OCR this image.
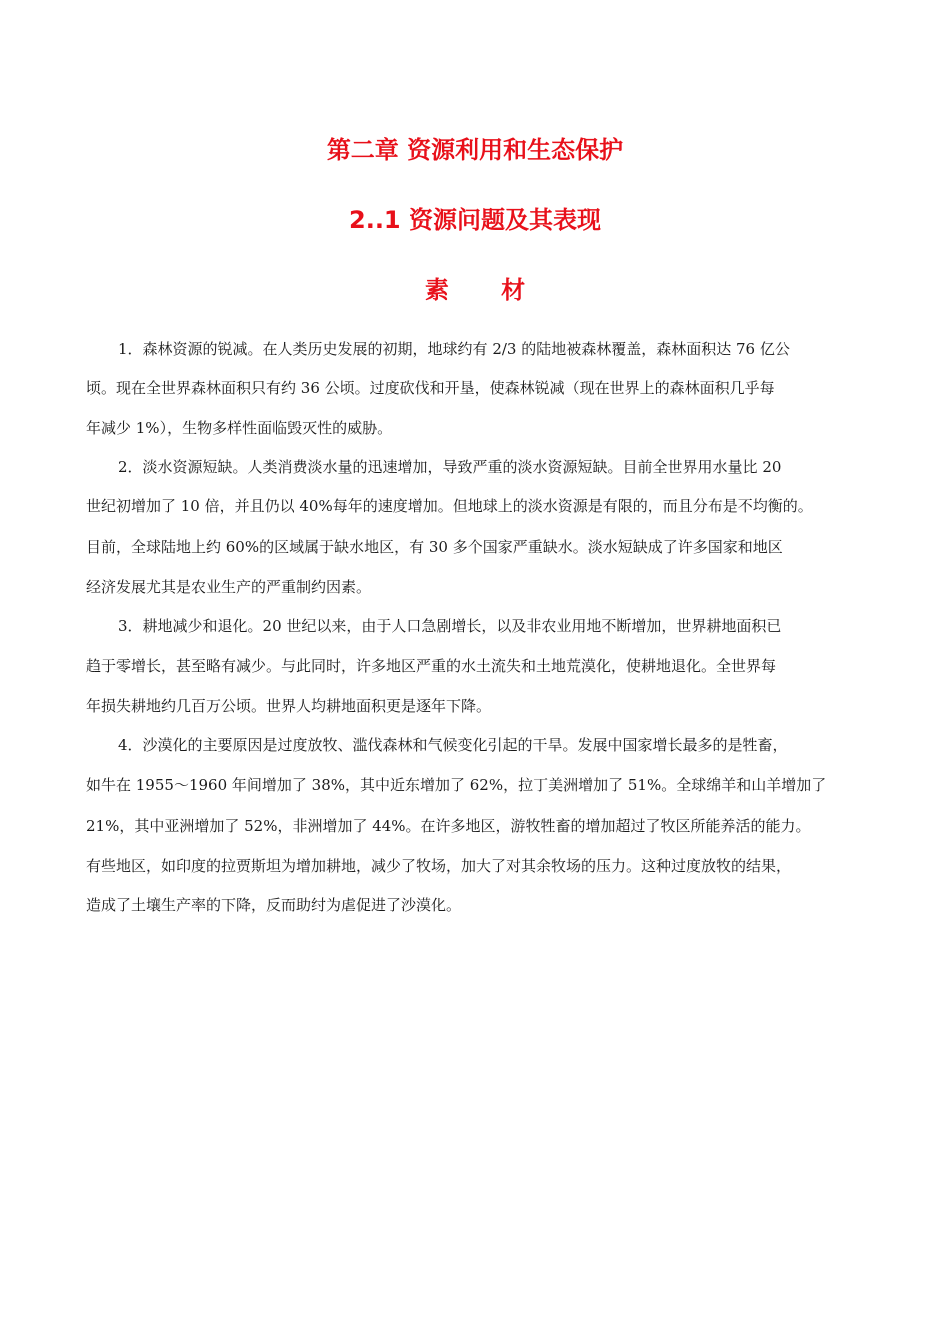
第二章 资源利用和生态保护
2..1 资源问题及其表现
素 材
1．森林资源的锐减。在人类历史发展的初期，地球约有 2/3 的陆地被森林覆盖，森林面积达 76 亿公
顷。现在全世界森林面积只有约 36 公顷。过度砍伐和开垦，使森林锐减（现在世界上的森林面积几乎每
年减少 1%），生物多样性面临毁灭性的威胁。
2．淡水资源短缺。人类消费淡水量的迅速增加，导致严重的淡水资源短缺。目前全世界用水量比 20
世纪初增加了 10 倍，并且仍以 40%每年的速度增加。但地球上的淡水资源是有限的，而且分布是不均衡的。
目前，全球陆地上约 60%的区域属于缺水地区，有 30 多个国家严重缺水。淡水短缺成了许多国家和地区
经济发展尤其是农业生产的严重制约因素。
3．耕地减少和退化。20 世纪以来，由于人口急剧增长，以及非农业用地不断增加，世界耕地面积已
趋于零增长，甚至略有减少。与此同时，许多地区严重的水土流失和土地荒漠化，使耕地退化。全世界每
年损失耕地约几百万公顷。世界人均耕地面积更是逐年下降。
4．沙漠化的主要原因是过度放牧、滥伐森林和气候变化引起的干旱。发展中国家增长最多的是牲畜，
如牛在 1955～1960 年间增加了 38%，其中近东增加了 62%，拉丁美洲增加了 51%。全球绵羊和山羊增加了
21%，其中亚洲增加了 52%，非洲增加了 44%。在许多地区，游牧牲畜的增加超过了牧区所能养活的能力。
有些地区，如印度的拉贾斯坦为增加耕地，减少了牧场，加大了对其余牧场的压力。这种过度放牧的结果，
造成了土壤生产率的下降，反而助纣为虐促进了沙漠化。
